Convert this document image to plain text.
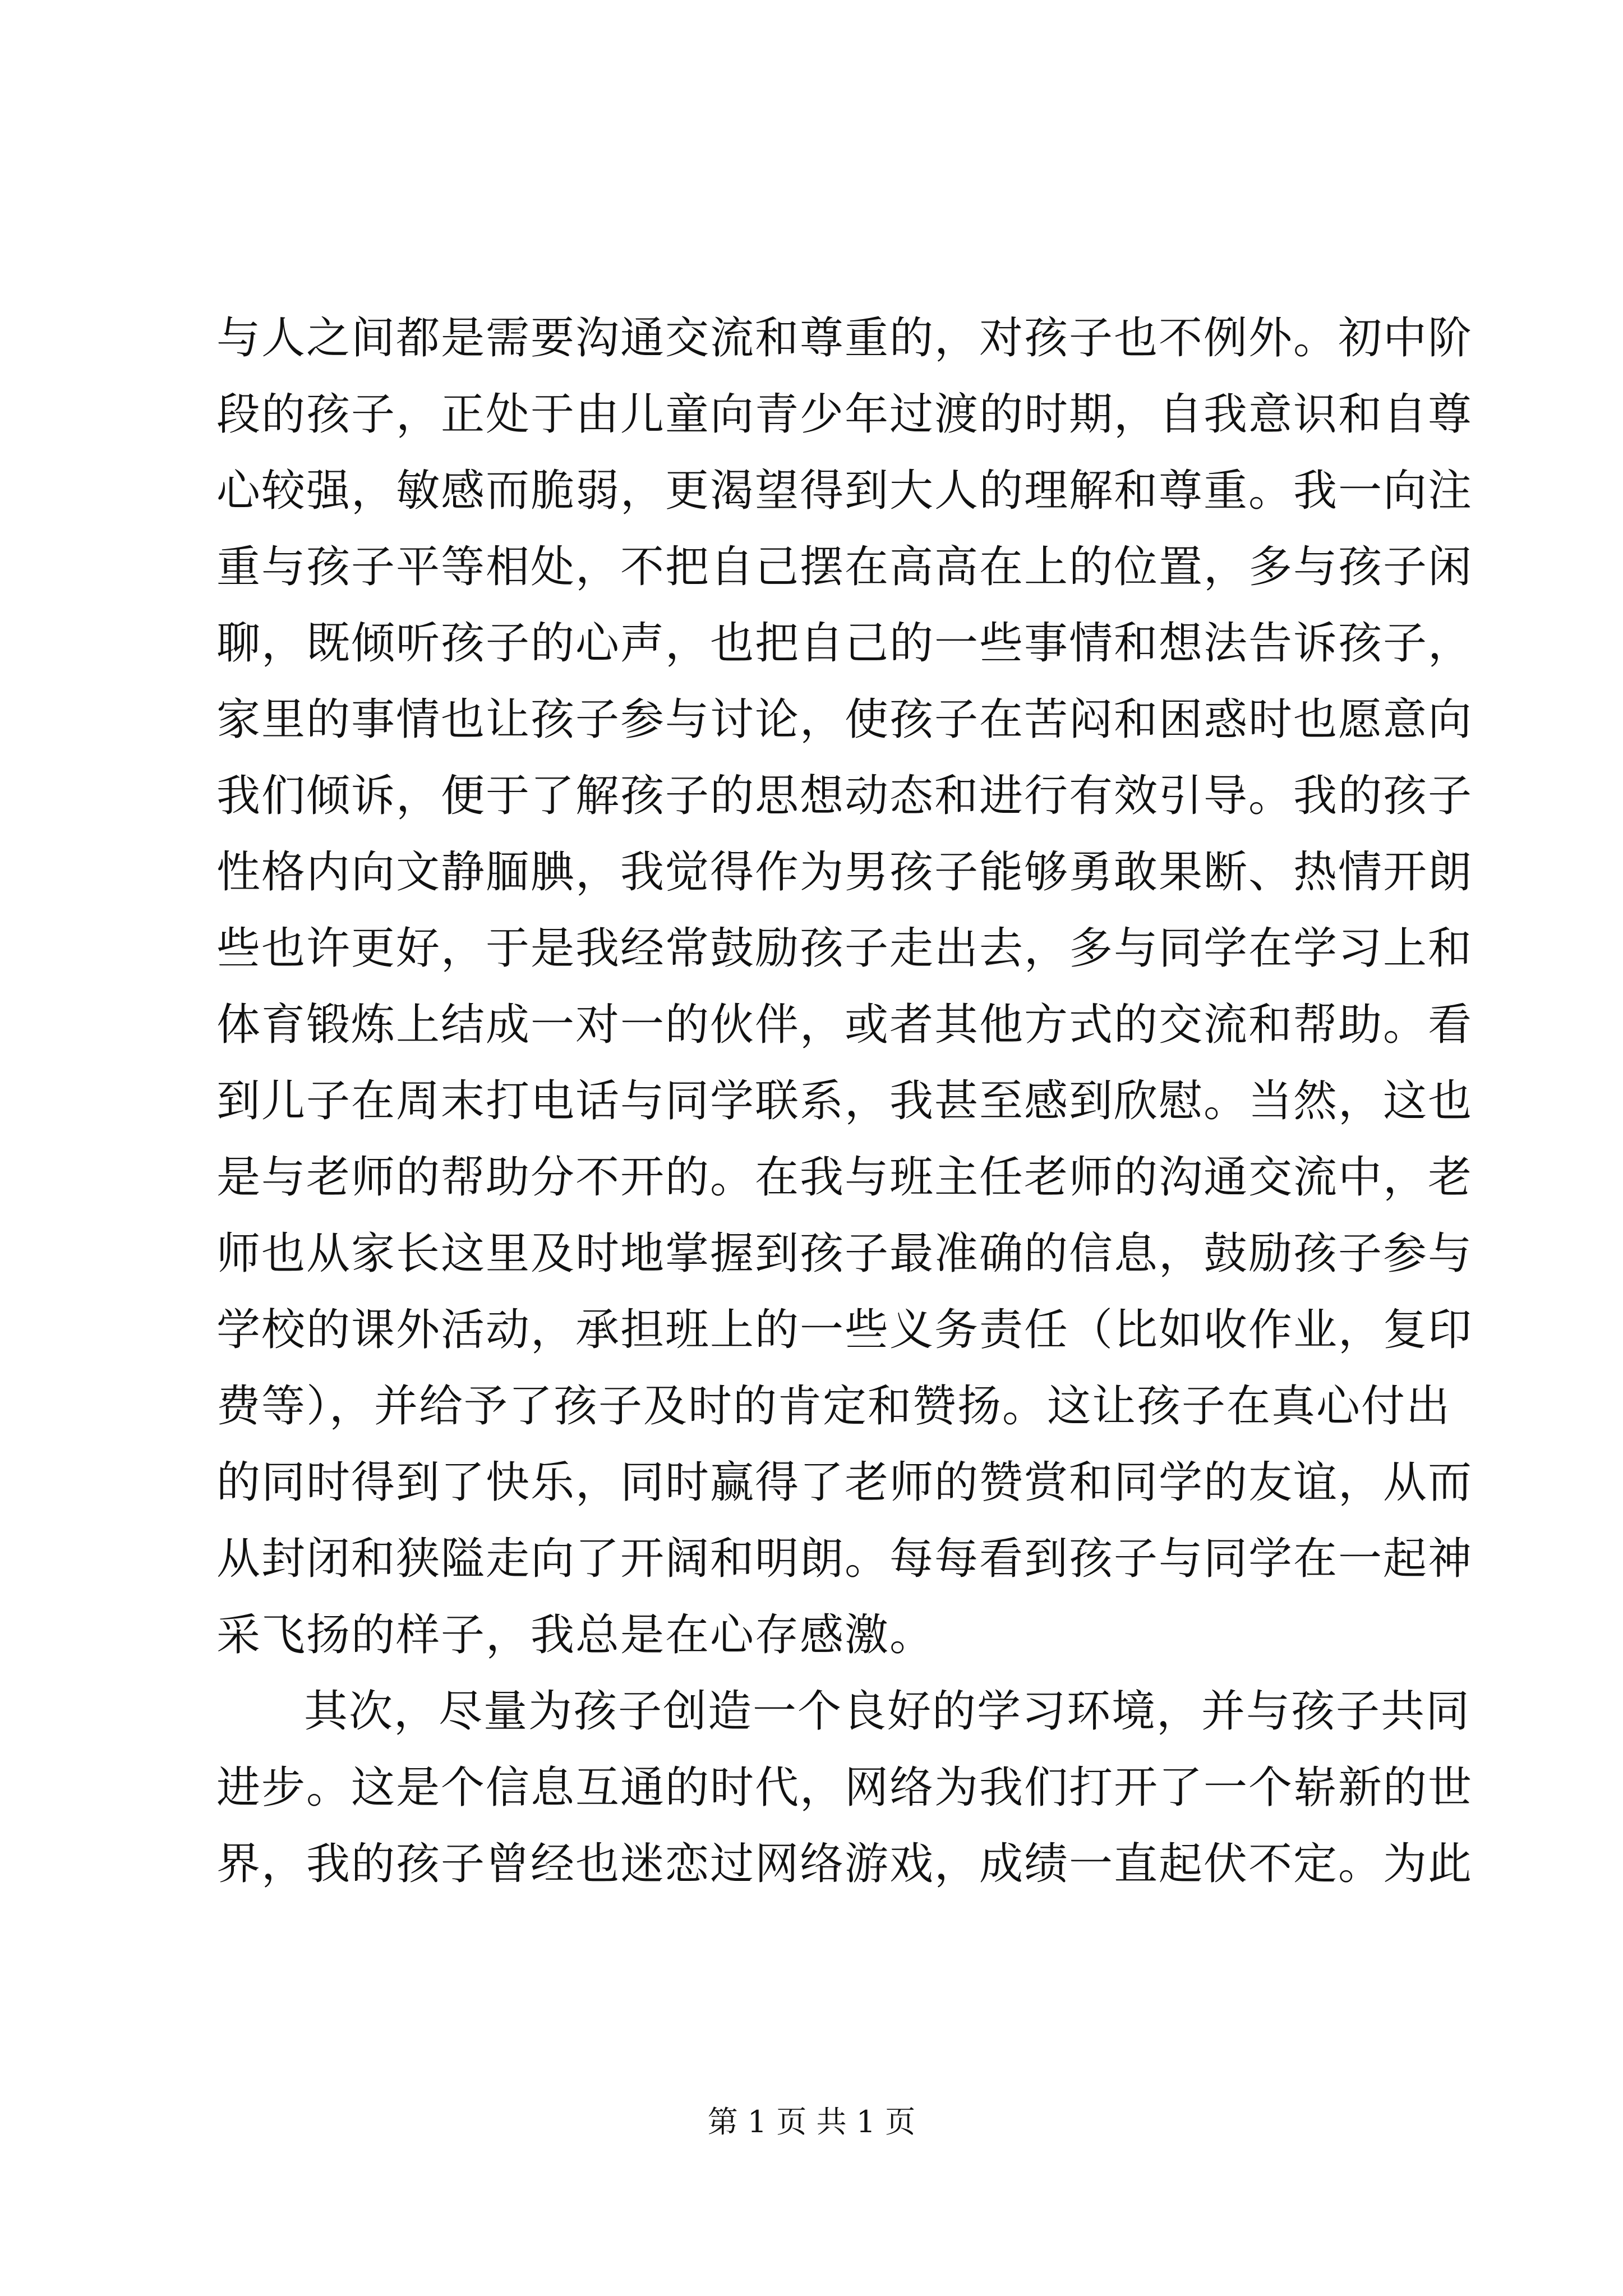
与人之间都是需要沟通交流和尊重的，对孩子也不例外。初中阶
段的孩子，正处于由儿童向青少年过渡的时期，自我意识和自尊
心较强，敏感而脆弱，更渴望得到大人的理解和尊重。我一向注
重与孩子平等相处，不把自己摆在高高在上的位置，多与孩子闲
聊，既倾听孩子的心声，也把自己的一些事情和想法告诉孩子，
家里的事情也让孩子参与讨论，使孩子在苦闷和困惑时也愿意向
我们倾诉，便于了解孩子的思想动态和进行有效引导。我的孩子
性格内向文静腼腆，我觉得作为男孩子能够勇敢果断、热情开朗
些也许更好，于是我经常鼓励孩子走出去，多与同学在学习上和
体育锻炼上结成一对一的伙伴，或者其他方式的交流和帮助。看
到儿子在周末打电话与同学联系，我甚至感到欣慰。当然，这也
是与老师的帮助分不开的。在我与班主任老师的沟通交流中，老
师也从家长这里及时地掌握到孩子最准确的信息，鼓励孩子参与
学校的课外活动，承担班上的一些义务责任（比如收作业，复印
费等），并给予了孩子及时的肯定和赞扬。这让孩子在真心付出
的同时得到了快乐，同时赢得了老师的赞赏和同学的友谊，从而
从封闭和狭隘走向了开阔和明朗。每每看到孩子与同学在一起神
采飞扬的样子，我总是在心存感激。
其次，尽量为孩子创造一个良好的学习环境，并与孩子共同
进步。这是个信息互通的时代，网络为我们打开了一个崭新的世
界，我的孩子曾经也迷恋过网络游戏，成绩一直起伏不定。为此
第 1 页 共 1 页
